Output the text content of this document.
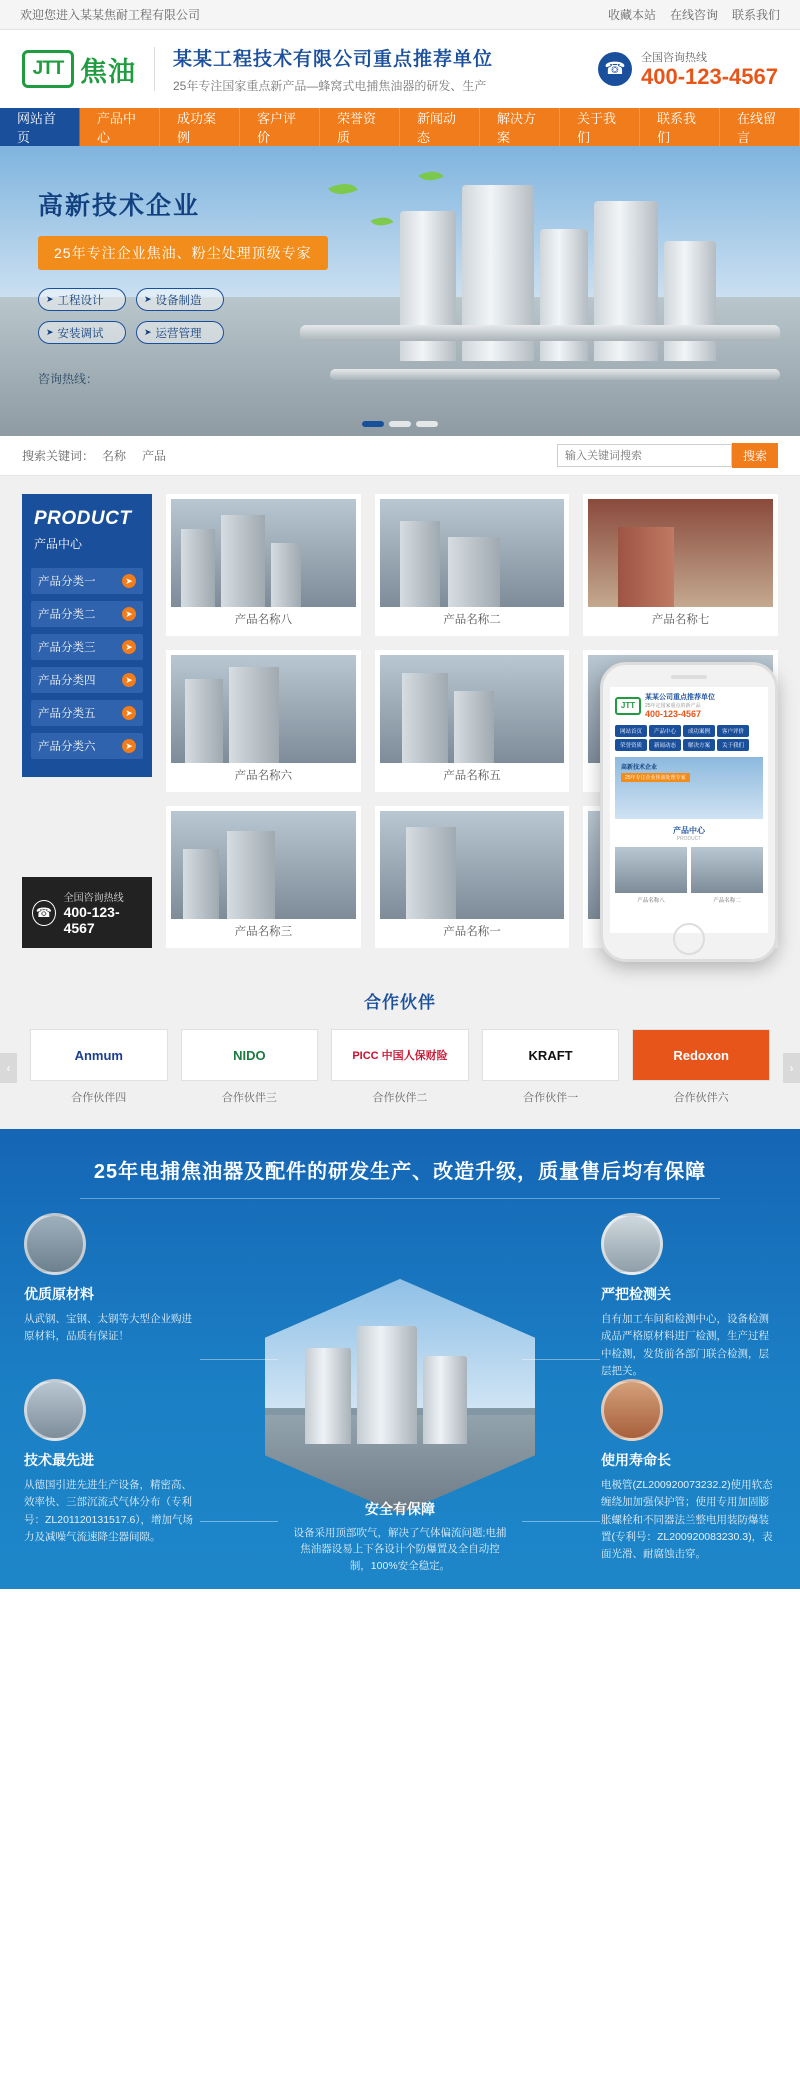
欢迎您进入某某焦耐工程有限公司	收藏本站 在线咨询 联系我们
JTT 焦油 某某工程技术有限公司重点推荐单位
25年专注国家重点新产品—蜂窝式电捕焦油器的研发、生产
☎
全国咨询热线
400-123-4567
网站首页
产品中心
成功案例
客户评价
荣誉资质
新闻动态
解决方案
关于我们
联系我们
在线留言
高新技术企业
25年专注企业焦油、粉尘处理顶级专家
➤ 工程设计	➤ 设备制造
➤ 安装调试	➤ 运营管理
咨询热线：
搜索关键词： 名称 产品
输入关键词搜索	搜索
PRODUCT
产品中心
产品分类一	➤
产品分类二	➤
产品分类三	➤
产品分类四	➤
产品分类五	➤
产品分类六	➤
☎
全国咨询热线
400-123-4567
产品名称八	产品名称二	产品名称七
产品名称六	产品名称五
产品名称三	产品名称一
JTT
某某公司重点推荐单位
25年定国家重点的新产品
400-123-4567
网站首页	产品中心	成功案例	客户评价
荣誉资质	新闻动态	解决方案	关于我们
高新技术企业
25年专注企业焦油处理专家
产品中心
PRODUCT
产品名称八	产品名称二
合作伙伴
‹	›
Anmum
合作伙伴四
NIDO
合作伙伴三
PICC 中国人保财险
合作伙伴二
KRAFT
合作伙伴一
Redoxon
合作伙伴六
25年电捕焦油器及配件的研发生产、改造升级，质量售后均有保障
优质原材料

从武钢、宝钢、太钢等大型企业购进原材料，品质有保证！

技术最先进

从德国引进先进生产设备，精密高、效率快、三部沉流式气体分布（专利号：ZL201120131517.6），增加气场力及减噪气流速降尘器间隙。

严把检测关

自有加工车间和检测中心，设备检测成品严格原材料进厂检测，生产过程中检测，发货前各部门联合检测，层层把关。

使用寿命长

电极管(ZL200920073232.2)使用软态缠绕加加强保护管；使用专用加固膨胀螺栓和不同器法兰整电用装防爆装置(专利号：ZL200920083230.3)，表面光滑、耐腐蚀击穿。

安全有保障

设备采用顶部吹气，解决了气体偏流问题;电捕焦油器设易上下各设计个防爆置及全自动控制，100%安全稳定。
